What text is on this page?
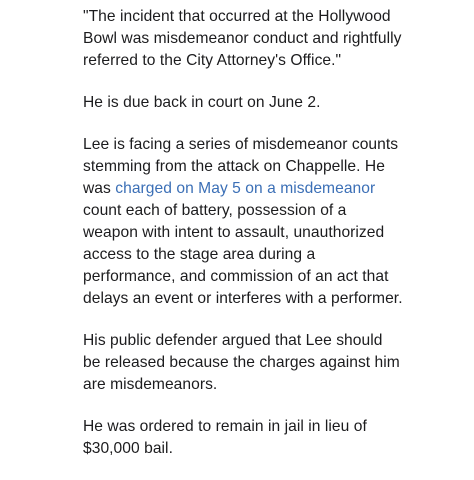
"The incident that occurred at the Hollywood Bowl was misdemeanor conduct and rightfully referred to the City Attorney's Office."

He is due back in court on June 2.

Lee is facing a series of misdemeanor counts stemming from the attack on Chappelle. He was charged on May 5 on a misdemeanor count each of battery, possession of a weapon with intent to assault, unauthorized access to the stage area during a performance, and commission of an act that delays an event or interferes with a performer.

His public defender argued that Lee should be released because the charges against him are misdemeanors.

He was ordered to remain in jail in lieu of $30,000 bail.
